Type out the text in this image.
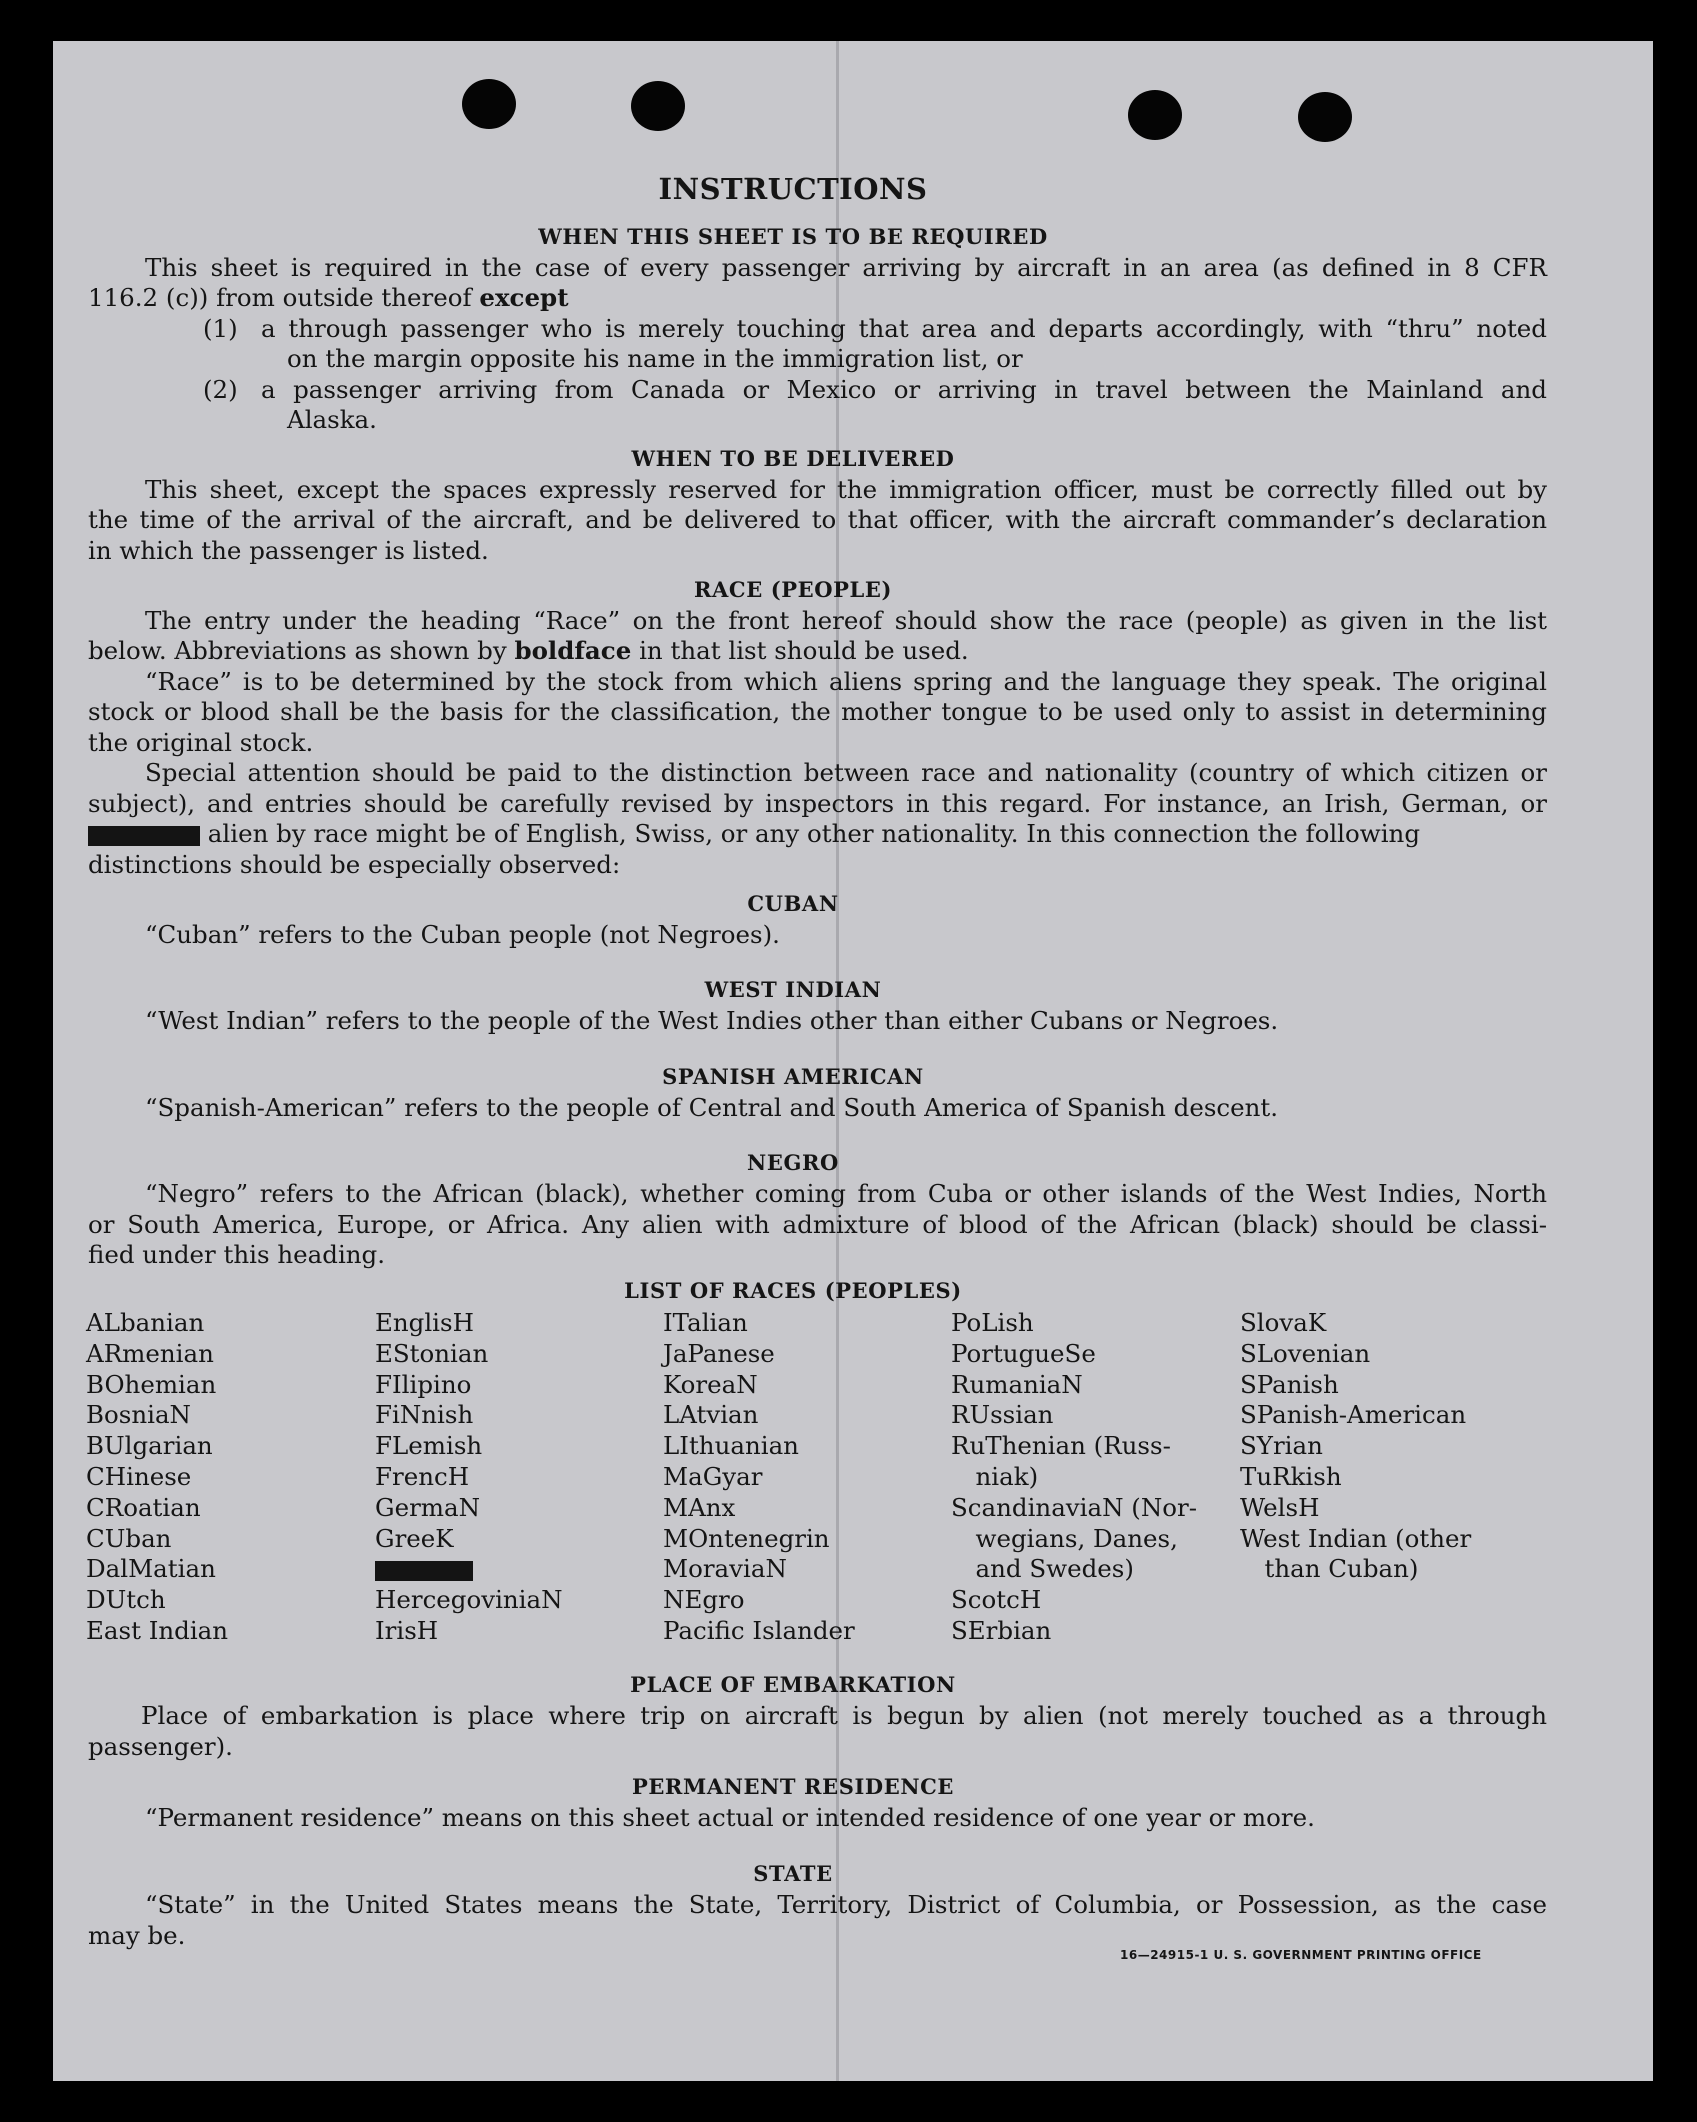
INSTRUCTIONS
WHEN THIS SHEET IS TO BE REQUIRED
This sheet is required in the case of every passenger arriving by aircraft in an area (as defined in 8 CFR
116.2 (c)) from outside thereof except
(1) a through passenger who is merely touching that area and departs accordingly, with “thru” noted
on the margin opposite his name in the immigration list, or
(2) a passenger arriving from Canada or Mexico or arriving in travel between the Mainland and
Alaska.
WHEN TO BE DELIVERED
This sheet, except the spaces expressly reserved for the immigration officer, must be correctly filled out by
the time of the arrival of the aircraft, and be delivered to that officer, with the aircraft commander’s declaration
in which the passenger is listed.
RACE (PEOPLE)
The entry under the heading “Race” on the front hereof should show the race (people) as given in the list
below. Abbreviations as shown by boldface in that list should be used.
“Race” is to be determined by the stock from which aliens spring and the language they speak. The original
stock or blood shall be the basis for the classification, the mother tongue to be used only to assist in determining
the original stock.
Special attention should be paid to the distinction between race and nationality (country of which citizen or
subject), and entries should be carefully revised by inspectors in this regard. For instance, an Irish, German, or
alien by race might be of English, Swiss, or any other nationality. In this connection the following
distinctions should be especially observed:
CUBAN
“Cuban” refers to the Cuban people (not Negroes).
WEST INDIAN
“West Indian” refers to the people of the West Indies other than either Cubans or Negroes.
SPANISH AMERICAN
“Spanish-American” refers to the people of Central and South America of Spanish descent.
NEGRO
“Negro” refers to the African (black), whether coming from Cuba or other islands of the West Indies, North
or South America, Europe, or Africa. Any alien with admixture of blood of the African (black) should be classi-
fied under this heading.
LIST OF RACES (PEOPLES)
ALbanian
ARmenian
BOhemian
BosniaN
BUlgarian
CHinese
CRoatian
CUban
DalMatian
DUtch
East Indian
EnglisH
EStonian
FIlipino
FiNnish
FLemish
FrencH
GermaN
GreeK
HercegoviniaN
IrisH
ITalian
JaPanese
KoreaN
LAtvian
LIthuanian
MaGyar
MAnx
MOntenegrin
MoraviaN
NEgro
Pacific Islander
PoLish
PortugueSe
RumaniaN
RUssian
RuThenian (Russ-
 niak)
ScandinaviaN (Nor-
 wegians, Danes,
 and Swedes)
ScotcH
SErbian
SlovaK
SLovenian
SPanish
SPanish-American
SYrian
TuRkish
WelsH
West Indian (other
 than Cuban)
PLACE OF EMBARKATION
Place of embarkation is place where trip on aircraft is begun by alien (not merely touched as a through
passenger).
PERMANENT RESIDENCE
“Permanent residence” means on this sheet actual or intended residence of one year or more.
STATE
“State” in the United States means the State, Territory, District of Columbia, or Possession, as the case
may be.
16—24915-1 U. S. GOVERNMENT PRINTING OFFICE
